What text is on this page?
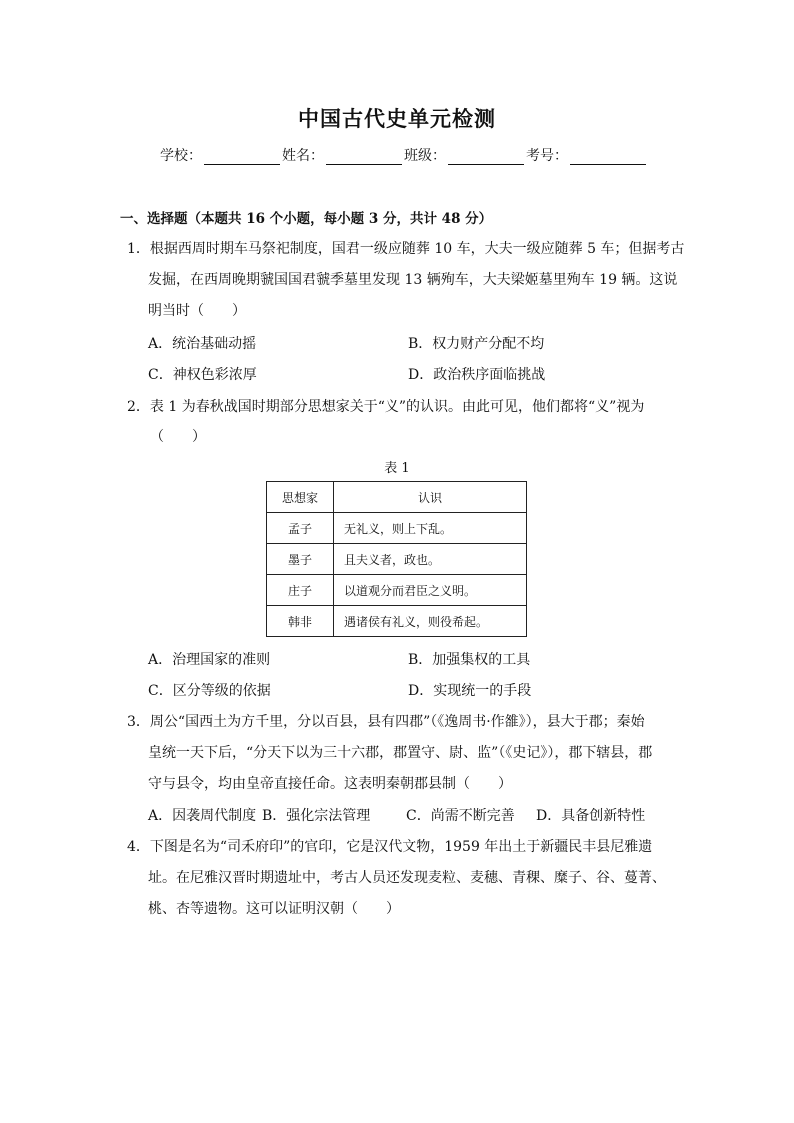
中国古代史单元检测
学校：	姓名：	班级：	考号：
一、选择题（本题共 16 个小题，每小题 3 分，共计 48 分）
1．根据西周时期车马祭祀制度，国君一级应随葬 10 车，大夫一级应随葬 5 车；但据考古
发掘，在西周晚期虢国国君虢季墓里发现 13 辆殉车，大夫梁姬墓里殉车 19 辆。这说
明当时（　　）
A．统治基础动摇	B．权力财产分配不均
C．神权色彩浓厚	D．政治秩序面临挑战
2．表 1 为春秋战国时期部分思想家关于“义”的认识。由此可见，他们都将“义”视为
（　　）
表 1
思想家	认识
孟子	无礼义，则上下乱。
墨子	且夫义者，政也。
庄子	以道观分而君臣之义明。
韩非	遇诸侯有礼义，则役希起。
A．治理国家的准则	B．加强集权的工具
C．区分等级的依据	D．实现统一的手段
3．周公“国西土为方千里，分以百县，县有四郡”（《逸周书·作雒》），县大于郡；秦始
皇统一天下后，“分天下以为三十六郡，郡置守、尉、监”（《史记》），郡下辖县，郡
守与县令，均由皇帝直接任命。这表明秦朝郡县制（　　）
A．因袭周代制度 B．强化宗法管理	C．尚需不断完善 D．具备创新特性
4．下图是名为“司禾府印”的官印，它是汉代文物，1959 年出土于新疆民丰县尼雅遗
址。在尼雅汉晋时期遗址中，考古人员还发现麦粒、麦穗、青稞、糜子、谷、蔓菁、
桃、杏等遗物。这可以证明汉朝（　　）
